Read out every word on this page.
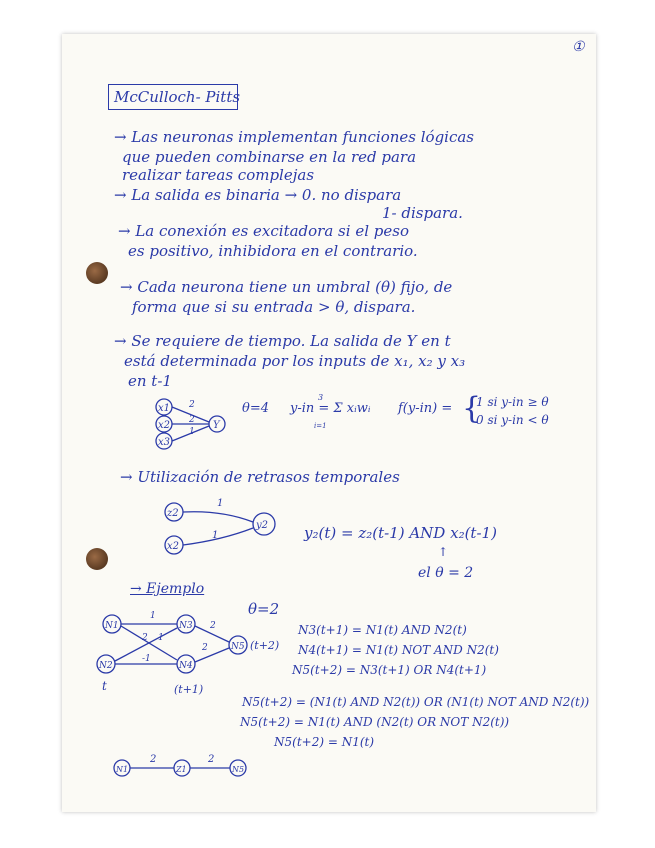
①
McCulloch- Pitts
→ Las neuronas implementan funciones lógicas
que pueden combinarse en la red para
realizar tareas complejas
→ La salida es binaria → 0. no dispara
1- dispara.
→ La conexión es excitadora si el peso
es positivo, inhibidora en el contrario.
→ Cada neurona tiene un umbral (θ) fijo, de
forma que si su entrada > θ, dispara.
→ Se requiere de tiempo. La salida de Y en t
está determinada por los inputs de x₁, x₂ y x₃
en t-1
x1
x2
x3
Y
2
2
1
3
i=1
θ=4 y-in = Σ xᵢwᵢ f(y-in) = {
1 si y-in ≥ θ
0 si y-in < θ
→ Utilización de retrasos temporales
z2
x2
y2
1
1	y₂(t) = z₂(t-1) AND x₂(t-1)
↑
el θ = 2
→ Ejemplo
θ=2
N1
N2
N3
N4
N5
1
2 1
-1
2
2	(t+2)
t	(t+1)
N3(t+1) = N1(t) AND N2(t)
N4(t+1) = N1(t) NOT AND N2(t)
N5(t+2) = N3(t+1) OR N4(t+1)
N5(t+2) = (N1(t) AND N2(t)) OR (N1(t) NOT AND N2(t))
N5(t+2) = N1(t) AND (N2(t) OR NOT N2(t))
N5(t+2) = N1(t)
N1	Z1	N5
2	2
